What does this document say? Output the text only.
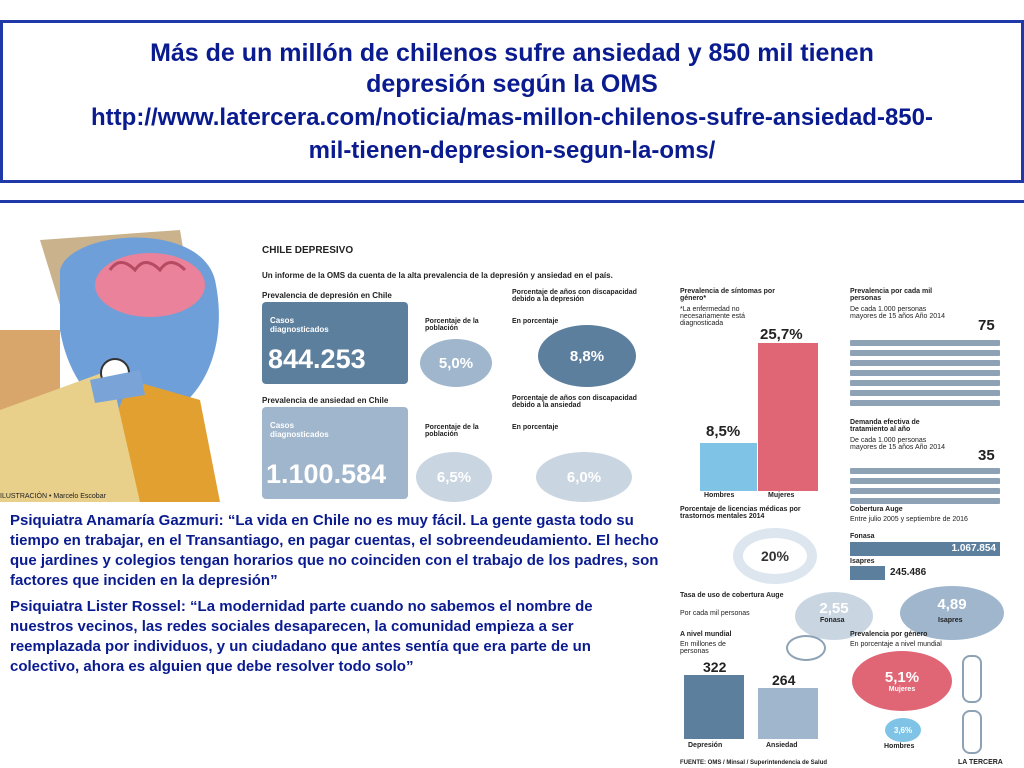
Más de un millón de chilenos sufre ansiedad y 850 mil tienen
depresión según la OMS
http://www.latercera.com/noticia/mas-millon-chilenos-sufre-ansiedad-850-
mil-tienen-depresion-segun-la-oms/
ILUSTRACIÓN • Marcelo Escobar
CHILE DEPRESIVO
Un informe de la OMS da cuenta de la alta prevalencia de la depresión y ansiedad en el país.
Prevalencia de depresión en Chile
Casos diagnosticados
844.253
Porcentaje de la población
5,0%
Porcentaje de años con discapacidad debido a la depresión
En porcentaje
8,8%
Prevalencia de ansiedad en Chile
Casos diagnosticados
1.100.584
Porcentaje de la población
6,5%
Porcentaje de años con discapacidad debido a la ansiedad
En porcentaje
6,0%
Prevalencia de síntomas por género*
*La enfermedad no necesariamente está diagnosticada
25,7%
8,5%
Hombres	Mujeres
Prevalencia por cada mil personas
De cada 1.000 personas mayores de 15 años Año 2014
75
Demanda efectiva de tratamiento al año
De cada 1.000 personas mayores de 15 años Año 2014	35
Porcentaje de licencias médicas por trastornos mentales 2014
20%
Cobertura Auge
Entre julio 2005 y septiembre de 2016
Fonasa
1.067.854
Isapres
245.486
Tasa de uso de cobertura Auge
Por cada mil personas	2,55
Fonasa
4,89
Isapres
A nivel mundial
En millones de personas
322
264
Depresión	Ansiedad
Prevalencia por género
En porcentaje a nivel mundial
5,1%
Mujeres
3,6%
Hombres
FUENTE: OMS / Minsal / Superintendencia de Salud	LA TERCERA

Psiquiatra Anamaría Gazmuri: “La vida en Chile no es muy fácil. La gente gasta todo su tiempo en trabajar, en el Transantiago, en pagar cuentas, el sobreendeudamiento. El hecho que jardines y colegios tengan horarios que no coinciden con el trabajo de los padres, son factores que inciden en la depresión”

Psiquiatra Lister Rossel: “La modernidad parte cuando no sabemos el nombre de nuestros vecinos, las redes sociales desaparecen, la comunidad empieza a ser reemplazada por individuos, y un ciudadano que antes sentía que era parte de un colectivo, ahora es alguien que debe resolver todo solo”
